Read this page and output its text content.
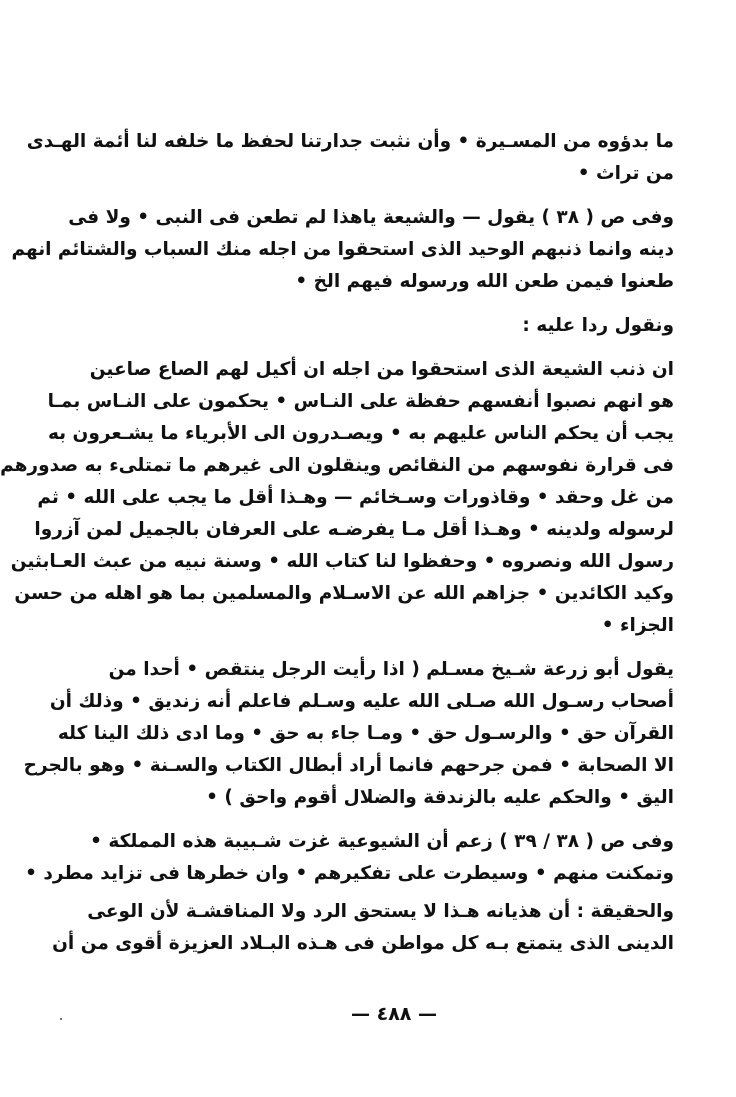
ما بدؤوه من المسـيرة • وأن نثبت جدارتنا لحفظ ما خلفه لنا أئمة الهـدى
من تراث •
وفى ص ( ٣٨ ) يقول — والشيعة ياهذا لم تطعن فى النبى • ولا فى
دينه وانما ذنبهم الوحيد الذى استحقوا من اجله منك السباب والشتائم انهم
طعنوا فيمن طعن الله ورسوله فيهم الخ •
ونقول ردا عليه :
ان ذنب الشيعة الذى استحقوا من اجله ان أكيل لهم الصاع صاعين
هو انهم نصبوا أنفسهم حفظة على النـاس • يحكمون على النـاس بمـا
يجب أن يحكم الناس عليهم به • ويصـدرون الى الأبرياء ما يشـعرون به
فى قرارة نفوسهم من النقائص وينقلون الى غيرهم ما تمتلىء به صدورهم
من غل وحقد • وقاذورات وسـخائم — وهـذا أقل ما يجب على الله • ثم
لرسوله ولدينه • وهـذا أقل مـا يفرضـه على العرفان بالجميل لمن آزروا
رسول الله ونصروه • وحفظوا لنا كتاب الله • وسنة نبيه من عبث العـابثين
وكيد الكائدين • جزاهم الله عن الاسـلام والمسلمين بما هو اهله من حسن
الجزاء •
يقول أبو زرعة شـيخ مسـلم ( اذا رأيت الرجل ينتقص • أحدا من
أصحاب رسـول الله صـلى الله عليه وسـلم فاعلم أنه زنديق • وذلك أن
القرآن حق • والرسـول حق • ومـا جاء به حق • وما ادى ذلك الينا كله
الا الصحابة • فمن جرحهم فانما أراد أبطال الكتاب والسـنة • وهو بالجرح
اليق • والحكم عليه بالزندقة والضلال أقوم واحق ) •
وفى ص ( ٣٨ / ٣٩ ) زعم أن الشيوعية غزت شـبيبة هذه المملكة •
وتمكنت منهم • وسيطرت على تفكيرهم • وان خطرها فى تزايد مطرد •
والحقيقة : أن هذيانه هـذا لا يستحق الرد ولا المناقشـة لأن الوعى
الدينى الذى يتمتع بـه كل مواطن فى هـذه البـلاد العزيزة أقوى من أن
— ٤٨٨ —
